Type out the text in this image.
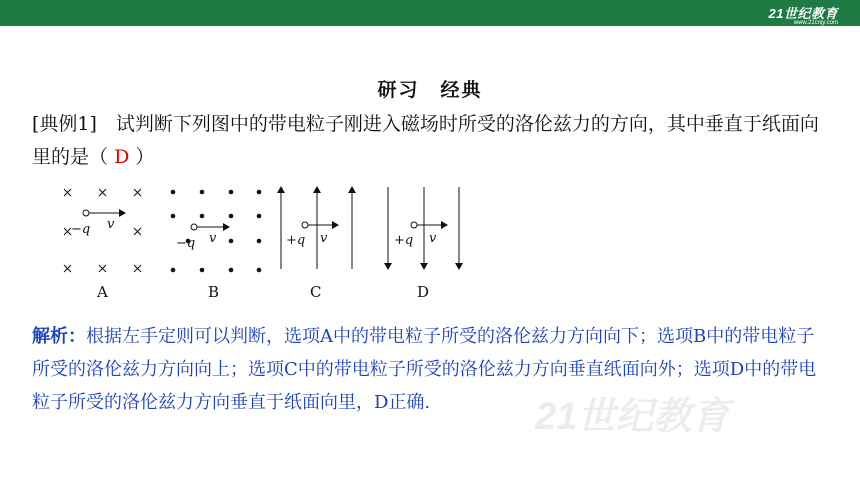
21世纪教育
www.21cnjy.com
研习　经典
[典例1]　试判断下列图中的带电粒子刚进入磁场时所受的洛伦兹力的方向，其中垂直于纸面向里的是（ D ）
−q v
A
−q v
B
+q v
C
+q v
D
解析：根据左手定则可以判断，选项A中的带电粒子所受的洛伦兹力方向向下；选项B中的带电粒子所受的洛伦兹力方向向上；选项C中的带电粒子所受的洛伦兹力方向垂直纸面向外；选项D中的带电粒子所受的洛伦兹力方向垂直于纸面向里，D正确.	21世纪教育
